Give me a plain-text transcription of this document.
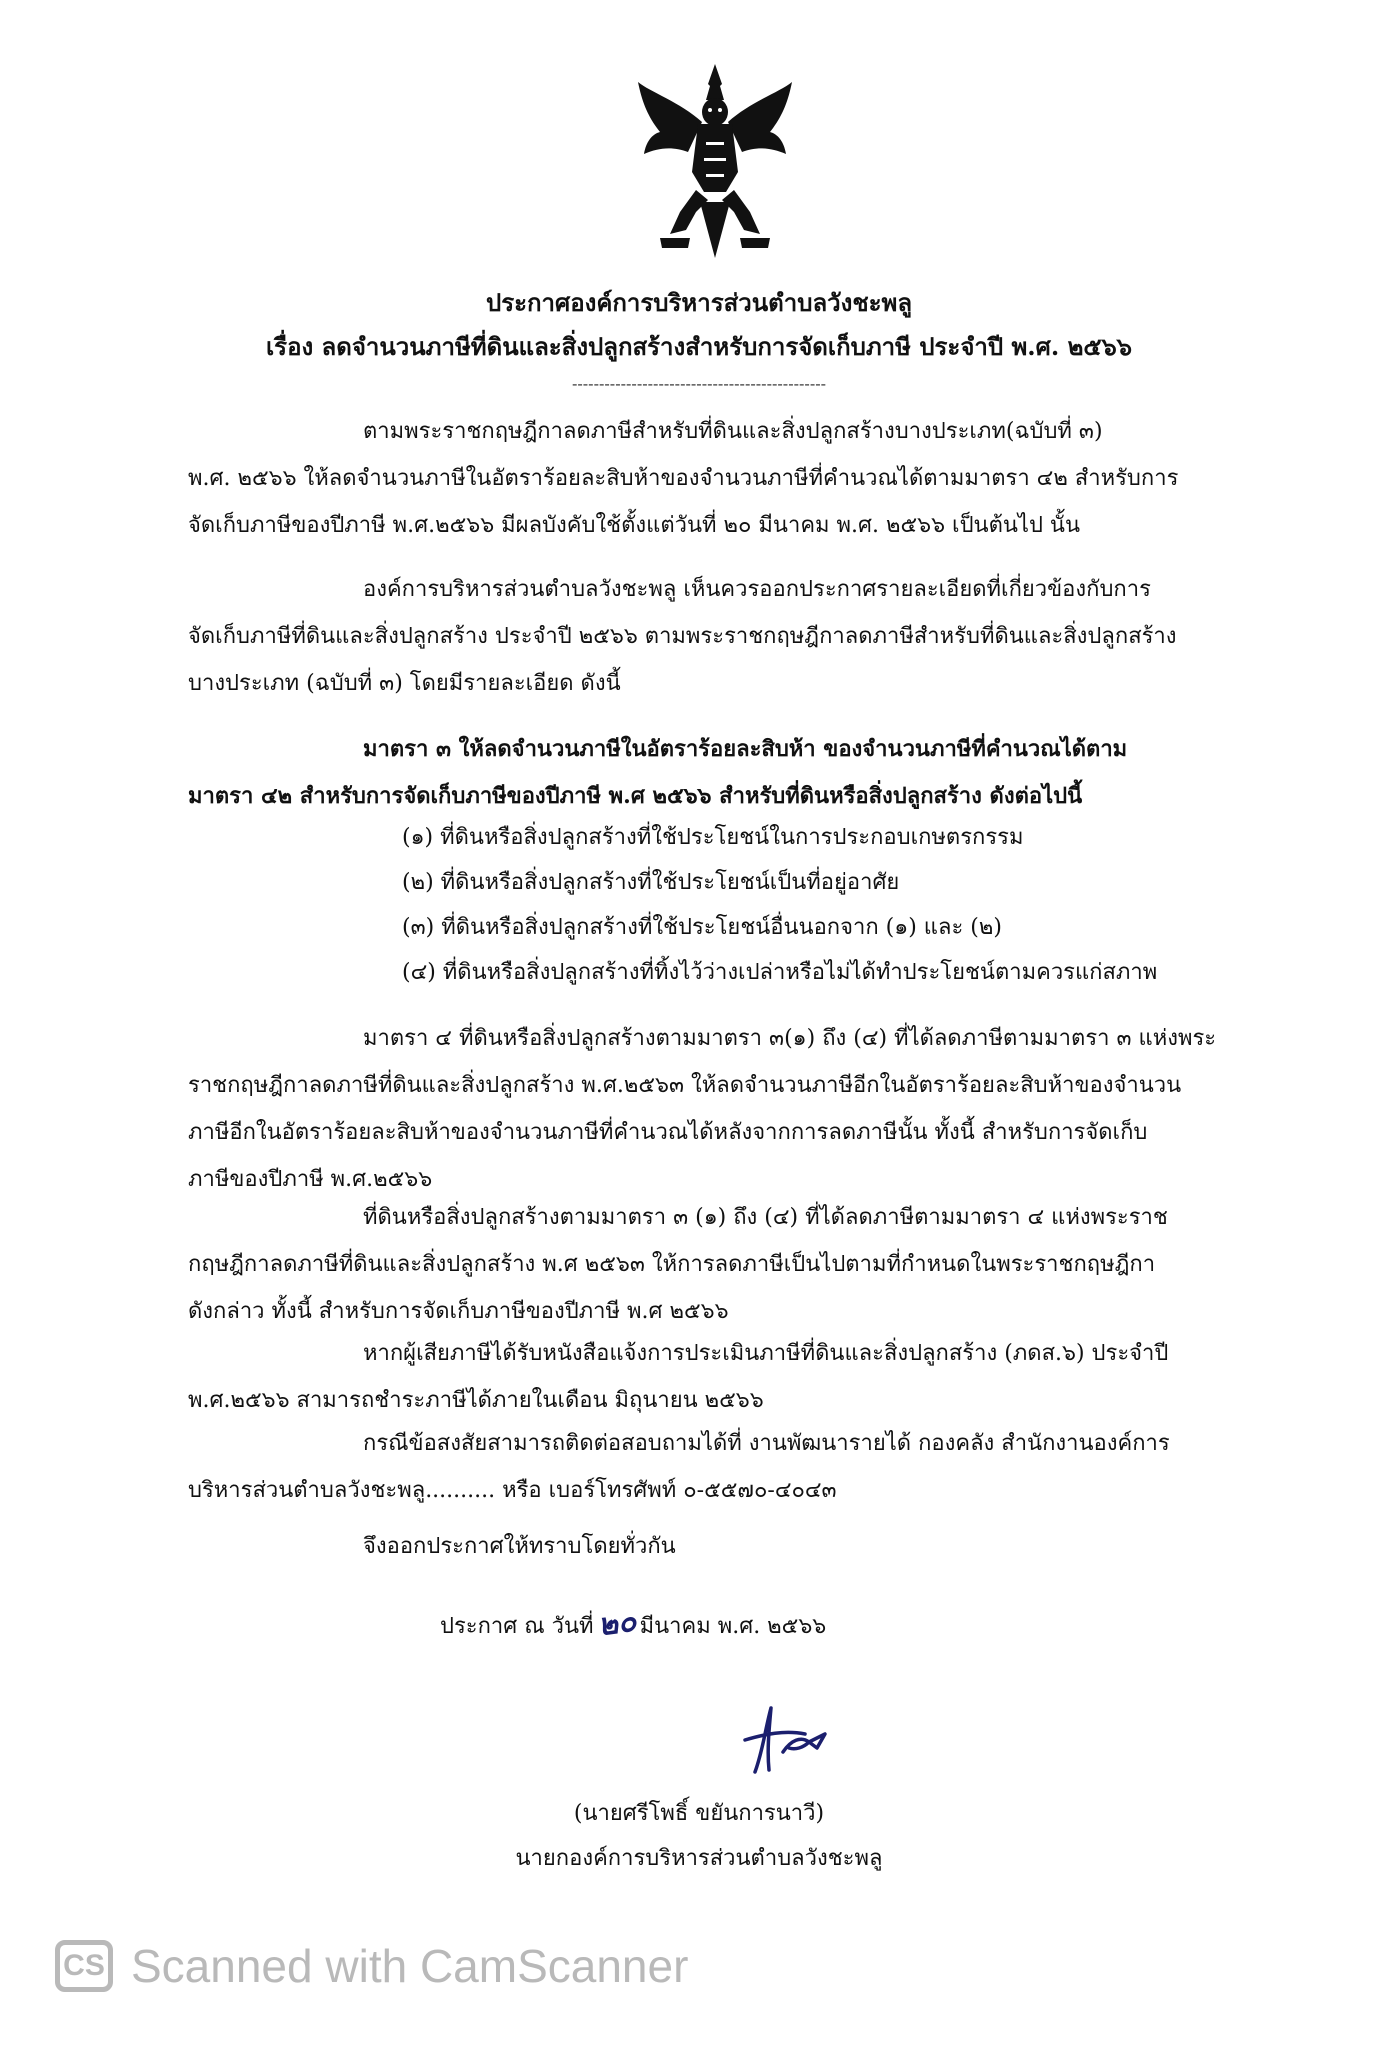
ประกาศองค์การบริหารส่วนตำบลวังชะพลู
เรื่อง ลดจำนวนภาษีที่ดินและสิ่งปลูกสร้างสำหรับการจัดเก็บภาษี ประจำปี พ.ศ. ๒๕๖๖
-----------------------------------------------
ตามพระราชกฤษฎีกาลดภาษีสำหรับที่ดินและสิ่งปลูกสร้างบางประเภท(ฉบับที่ ๓)
พ.ศ. ๒๕๖๖ ให้ลดจำนวนภาษีในอัตราร้อยละสิบห้าของจำนวนภาษีที่คำนวณได้ตามมาตรา ๔๒ สำหรับการ
จัดเก็บภาษีของปีภาษี พ.ศ.๒๕๖๖ มีผลบังคับใช้ตั้งแต่วันที่ ๒๐ มีนาคม พ.ศ. ๒๕๖๖ เป็นต้นไป นั้น
องค์การบริหารส่วนตำบลวังชะพลู เห็นควรออกประกาศรายละเอียดที่เกี่ยวข้องกับการ
จัดเก็บภาษีที่ดินและสิ่งปลูกสร้าง ประจำปี ๒๕๖๖ ตามพระราชกฤษฎีกาลดภาษีสำหรับที่ดินและสิ่งปลูกสร้าง
บางประเภท (ฉบับที่ ๓) โดยมีรายละเอียด ดังนี้
มาตรา ๓ ให้ลดจำนวนภาษีในอัตราร้อยละสิบห้า ของจำนวนภาษีที่คำนวณได้ตาม
มาตรา ๔๒ สำหรับการจัดเก็บภาษีของปีภาษี พ.ศ ๒๕๖๖ สำหรับที่ดินหรือสิ่งปลูกสร้าง ดังต่อไปนี้
(๑) ที่ดินหรือสิ่งปลูกสร้างที่ใช้ประโยชน์ในการประกอบเกษตรกรรม
(๒) ที่ดินหรือสิ่งปลูกสร้างที่ใช้ประโยชน์เป็นที่อยู่อาศัย
(๓) ที่ดินหรือสิ่งปลูกสร้างที่ใช้ประโยชน์อื่นนอกจาก (๑) และ (๒)
(๔) ที่ดินหรือสิ่งปลูกสร้างที่ทิ้งไว้ว่างเปล่าหรือไม่ได้ทำประโยชน์ตามควรแก่สภาพ
มาตรา ๔ ที่ดินหรือสิ่งปลูกสร้างตามมาตรา ๓(๑) ถึง (๔) ที่ได้ลดภาษีตามมาตรา ๓ แห่งพระ
ราชกฤษฎีกาลดภาษีที่ดินและสิ่งปลูกสร้าง พ.ศ.๒๕๖๓ ให้ลดจำนวนภาษีอีกในอัตราร้อยละสิบห้าของจำนวน
ภาษีอีกในอัตราร้อยละสิบห้าของจำนวนภาษีที่คำนวณได้หลังจากการลดภาษีนั้น ทั้งนี้ สำหรับการจัดเก็บ
ภาษีของปีภาษี พ.ศ.๒๕๖๖
ที่ดินหรือสิ่งปลูกสร้างตามมาตรา ๓ (๑) ถึง (๔) ที่ได้ลดภาษีตามมาตรา ๔ แห่งพระราช
กฤษฎีกาลดภาษีที่ดินและสิ่งปลูกสร้าง พ.ศ ๒๕๖๓ ให้การลดภาษีเป็นไปตามที่กำหนดในพระราชกฤษฎีกา
ดังกล่าว ทั้งนี้ สำหรับการจัดเก็บภาษีของปีภาษี พ.ศ ๒๕๖๖
หากผู้เสียภาษีได้รับหนังสือแจ้งการประเมินภาษีที่ดินและสิ่งปลูกสร้าง (ภดส.๖) ประจำปี
พ.ศ.๒๕๖๖ สามารถชำระภาษีได้ภายในเดือน มิถุนายน ๒๕๖๖
กรณีข้อสงสัยสามารถติดต่อสอบถามได้ที่ งานพัฒนารายได้ กองคลัง สำนักงานองค์การ
บริหารส่วนตำบลวังชะพลู.......... หรือ เบอร์โทรศัพท์ ๐-๕๕๗๐-๔๐๔๓
จึงออกประกาศให้ทราบโดยทั่วกัน
ประกาศ ณ วันที่๒๐มีนาคม พ.ศ. ๒๕๖๖
(นายศรีโพธิ์ ขยันการนาวี)
นายกองค์การบริหารส่วนตำบลวังชะพลู
CS Scanned with CamScanner
